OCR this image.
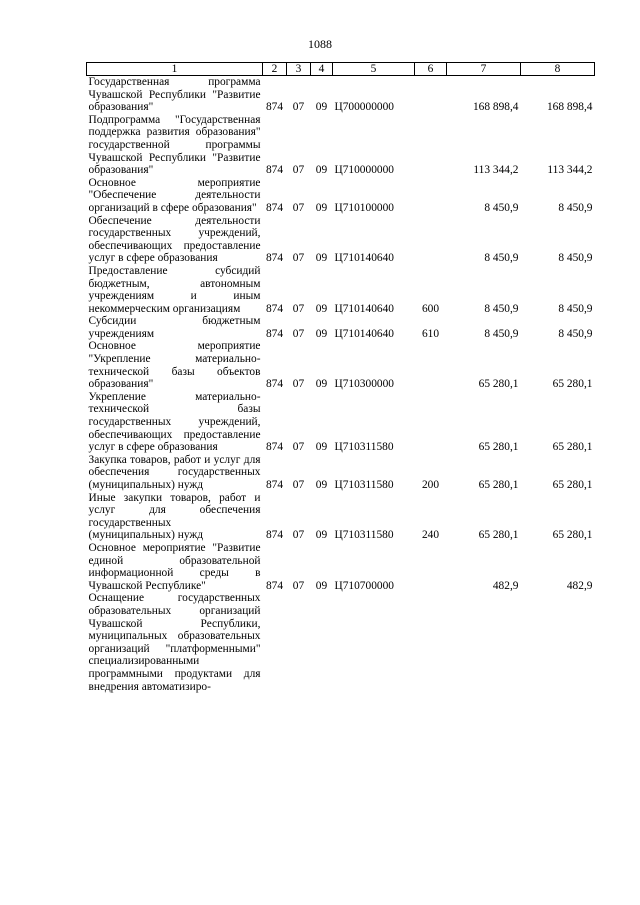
1088
1	2	3	4	5	6	7	8
Государственная программа Чувашской Республики "Развитие образования"	874	07	09	Ц700000000		168 898,4	168 898,4
Подпрограмма "Государственная поддержка развития образования" государственной программы Чувашской Республики "Развитие образования"	874	07	09	Ц710000000		113 344,2	113 344,2
Основное мероприятие "Обеспечение деятельности организаций в сфере образования"	874	07	09	Ц710100000		8 450,9	8 450,9
Обеспечение деятельности государственных учреждений, обеспечивающих предоставление услуг в сфере образования	874	07	09	Ц710140640		8 450,9	8 450,9
Предоставление субсидий бюджетным, автономным учреждениям и иным некоммерческим организациям	874	07	09	Ц710140640	600	8 450,9	8 450,9
Субсидии бюджетным учреждениям	874	07	09	Ц710140640	610	8 450,9	8 450,9
Основное мероприятие "Укрепление материально-технической базы объектов образования"	874	07	09	Ц710300000		65 280,1	65 280,1
Укрепление материально-технической базы государственных учреждений, обеспечивающих предоставление услуг в сфере образования	874	07	09	Ц710311580		65 280,1	65 280,1
Закупка товаров, работ и услуг для обеспечения государственных (муниципальных) нужд	874	07	09	Ц710311580	200	65 280,1	65 280,1
Иные закупки товаров, работ и услуг для обеспечения государственных (муниципальных) нужд	874	07	09	Ц710311580	240	65 280,1	65 280,1
Основное мероприятие "Развитие единой образовательной информационной среды в Чувашской Республике"	874	07	09	Ц710700000		482,9	482,9
Оснащение государственных образовательных организаций Чувашской Республики, муниципальных образовательных организаций "платформенными" специализированными программными продуктами для внедрения автоматизиро-							
